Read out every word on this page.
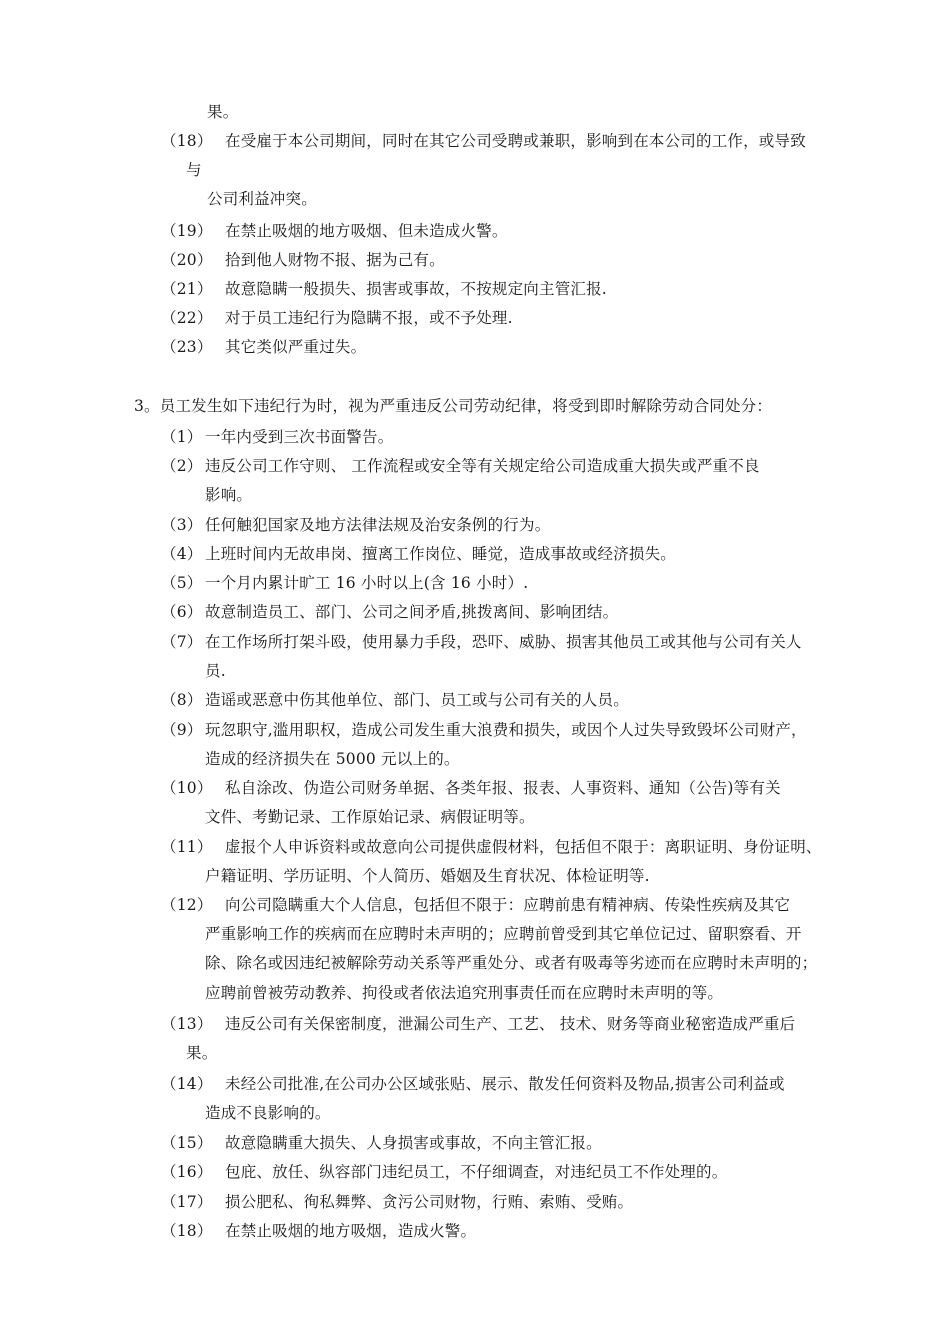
果。
（18） 在受雇于本公司期间，同时在其它公司受聘或兼职，影响到在本公司的工作，或导致
与
公司利益冲突。
（19） 在禁止吸烟的地方吸烟、但未造成火警。
（20） 拾到他人财物不报、据为己有。
（21） 故意隐瞒一般损失、损害或事故，不按规定向主管汇报.
（22） 对于员工违纪行为隐瞒不报，或不予处理.
（23） 其它类似严重过失。
3。员工发生如下违纪行为时，视为严重违反公司劳动纪律，将受到即时解除劳动合同处分：
（1） 一年内受到三次书面警告。
（2） 违反公司工作守则、 工作流程或安全等有关规定给公司造成重大损失或严重不良
影响。
（3） 任何触犯国家及地方法律法规及治安条例的行为。
（4） 上班时间内无故串岗、擅离工作岗位、睡觉，造成事故或经济损失。
（5） 一个月内累计旷工 16 小时以上(含 16 小时）.
（6） 故意制造员工、部门、公司之间矛盾,挑拨离间、影响团结。
（7） 在工作场所打架斗殴，使用暴力手段，恐吓、威胁、损害其他员工或其他与公司有关人
员.
（8） 造谣或恶意中伤其他单位、部门、员工或与公司有关的人员。
（9） 玩忽职守,滥用职权，造成公司发生重大浪费和损失，或因个人过失导致毁坏公司财产，
造成的经济损失在 5000 元以上的。
（10） 私自涂改、伪造公司财务单据、各类年报、报表、人事资料、通知（公告)等有关
文件、考勤记录、工作原始记录、病假证明等。
（11） 虚报个人申诉资料或故意向公司提供虚假材料，包括但不限于：离职证明、身份证明、
户籍证明、学历证明、个人简历、婚姻及生育状况、体检证明等.
（12） 向公司隐瞒重大个人信息，包括但不限于：应聘前患有精神病、传染性疾病及其它
严重影响工作的疾病而在应聘时未声明的；应聘前曾受到其它单位记过、留职察看、开
除、除名或因违纪被解除劳动关系等严重处分、或者有吸毒等劣迹而在应聘时未声明的；
应聘前曾被劳动教养、拘役或者依法追究刑事责任而在应聘时未声明的等。
（13） 违反公司有关保密制度，泄漏公司生产、工艺、 技术、财务等商业秘密造成严重后
果。
（14） 未经公司批准,在公司办公区域张贴、展示、散发任何资料及物品,损害公司利益或
造成不良影响的。
（15） 故意隐瞒重大损失、人身损害或事故，不向主管汇报。
（16） 包庇、放任、纵容部门违纪员工，不仔细调查，对违纪员工不作处理的。
（17） 损公肥私、徇私舞弊、贪污公司财物，行贿、索贿、受贿。
（18） 在禁止吸烟的地方吸烟，造成火警。
